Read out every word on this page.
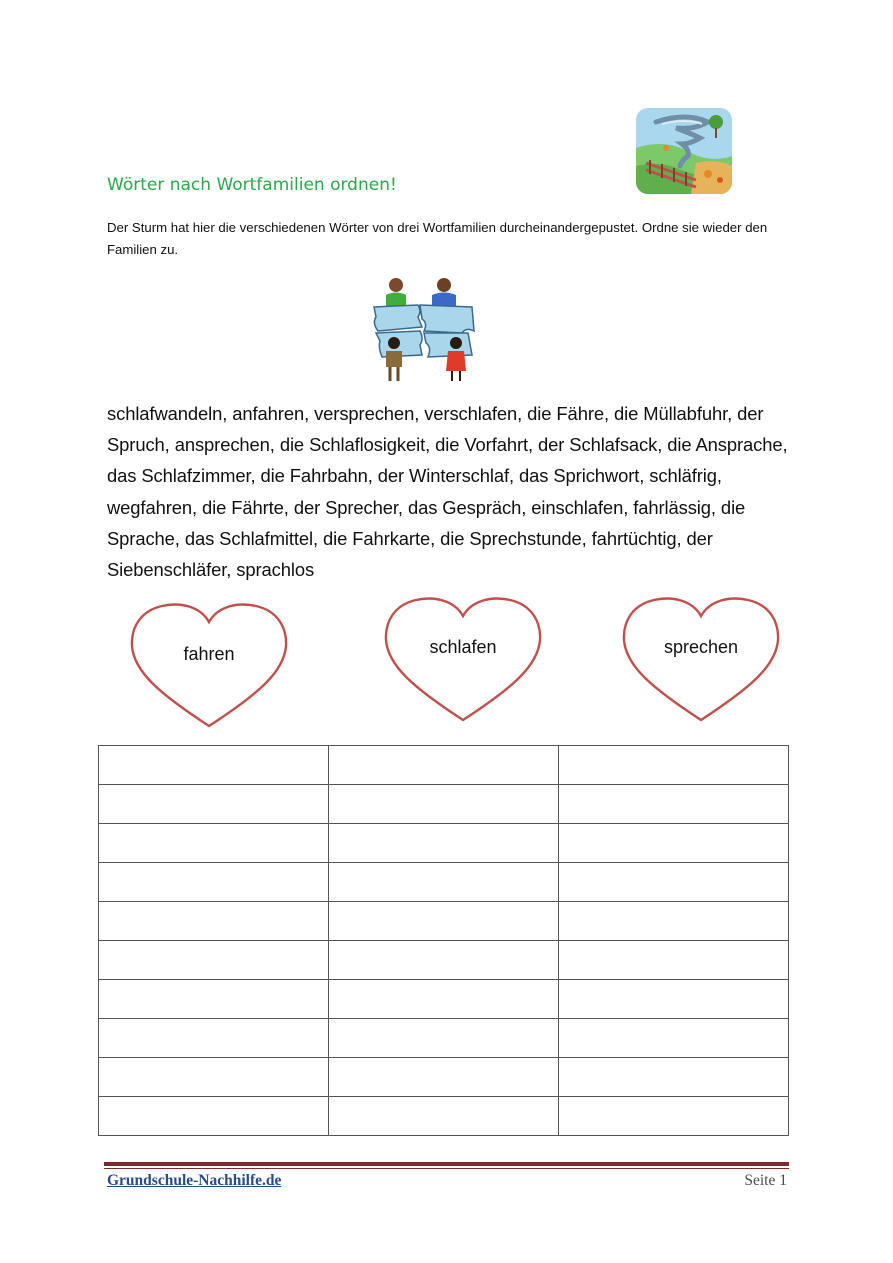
Wörter nach Wortfamilien ordnen!
Der Sturm hat hier die verschiedenen Wörter von drei Wortfamilien durcheinandergepustet. Ordne sie wieder den Familien zu.
schlafwandeln, anfahren, versprechen, verschlafen, die Fähre, die Müllabfuhr, der Spruch, ansprechen, die Schlaflosigkeit, die Vorfahrt, der Schlafsack, die Ansprache, das Schlafzimmer, die Fahrbahn, der Winterschlaf, das Sprichwort, schläfrig, wegfahren, die Fährte, der Sprecher, das Gespräch, einschlafen, fahrlässig, die Sprache, das Schlafmittel, die Fahrkarte, die Sprechstunde, fahrtüchtig, der Siebenschläfer, sprachlos
fahren	schlafen	sprechen

Grundschule-Nachhilfe.de	Seite 1
